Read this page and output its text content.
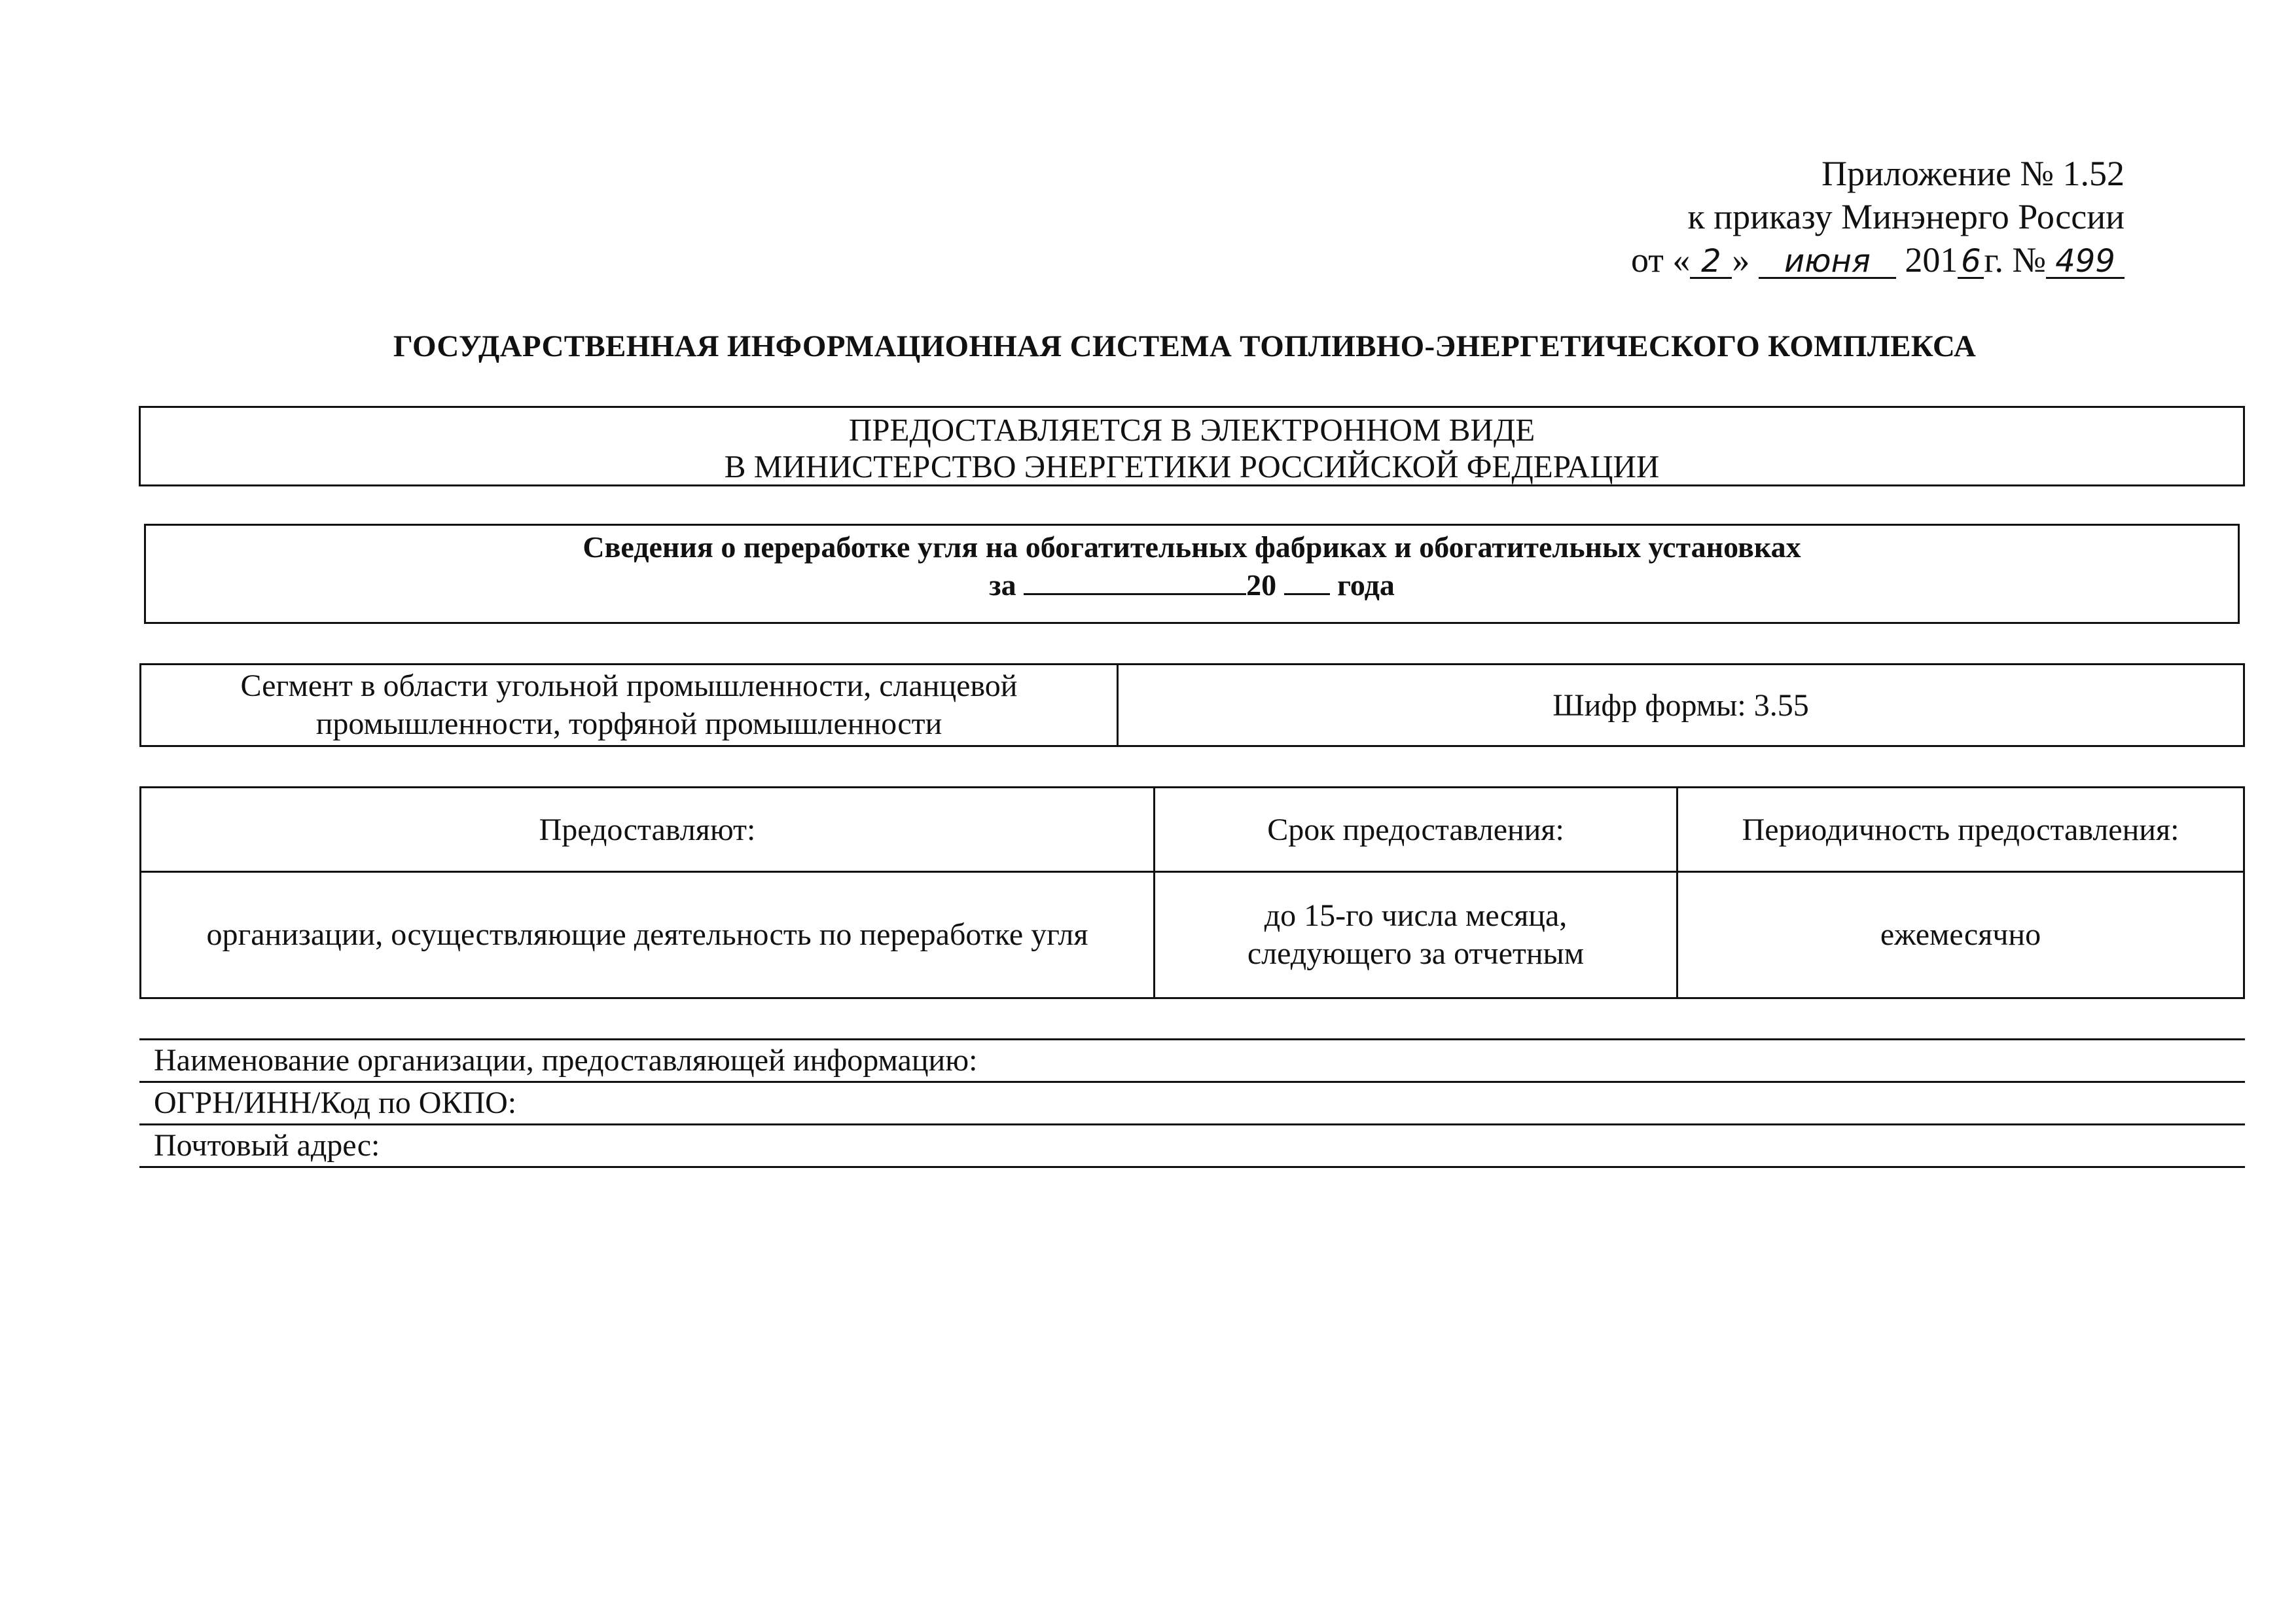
Приложение № 1.52
к приказу Минэнерго России
от « 2 » июня 2016г. № 499
ГОСУДАРСТВЕННАЯ ИНФОРМАЦИОННАЯ СИСТЕМА ТОПЛИВНО-ЭНЕРГЕТИЧЕСКОГО КОМПЛЕКСА
ПРЕДОСТАВЛЯЕТСЯ В ЭЛЕКТРОННОМ ВИДЕ
В МИНИСТЕРСТВО ЭНЕРГЕТИКИ РОССИЙСКОЙ ФЕДЕРАЦИИ
Сведения о переработке угля на обогатительных фабриках и обогатительных установках
за	20 года
Сегмент в области угольной промышленности, сланцевой промышленности, торфяной промышленности
Шифр формы: 3.55
Предоставляют:	Срок предоставления:	Периодичность предоставления:
организации, осуществляющие деятельность по переработке угля	до 15-го числа месяца, следующего за отчетным	ежемесячно
Наименование организации, предоставляющей информацию:
ОГРН/ИНН/Код по ОКПО:
Почтовый адрес:
